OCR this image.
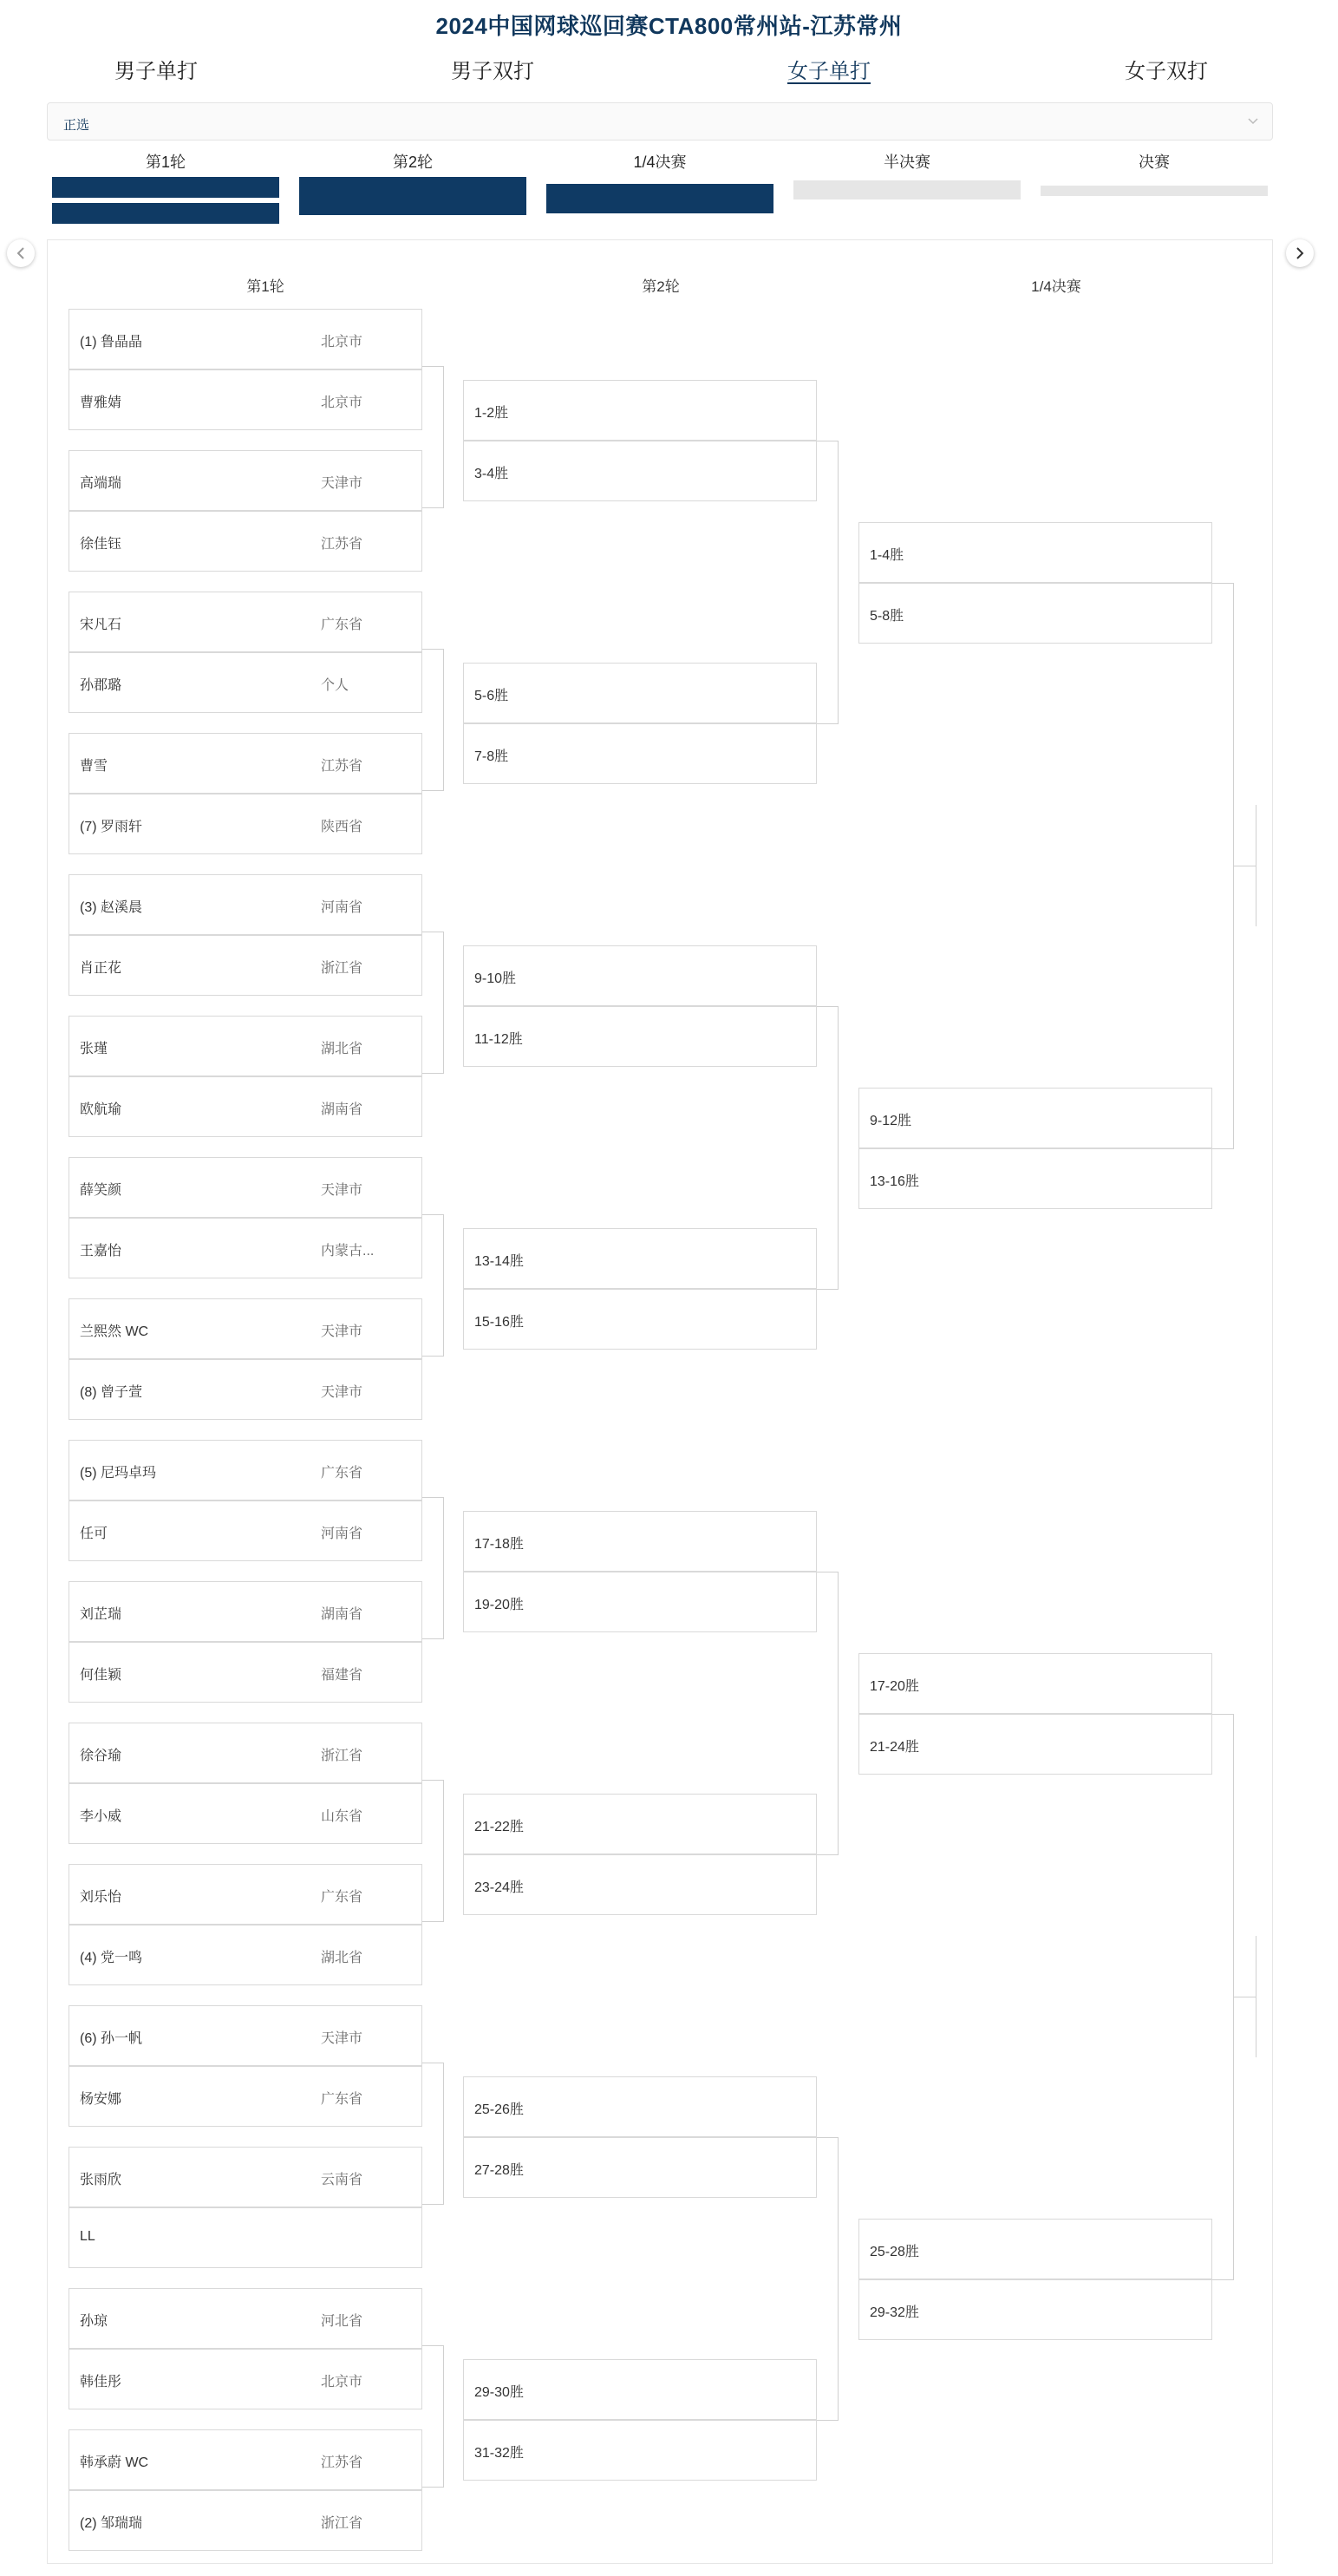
2024中国网球巡回赛CTA800常州站-江苏常州
男子单打	男子双打	女子单打	女子双打
正选
第1轮	第2轮	1/4决赛	半决赛	决赛
第1轮	第2轮	1/4决赛
(1) 鲁晶晶	北京市
曹雅婧	北京市
高端瑞	天津市
徐佳钰	江苏省
宋凡石	广东省
孙郡璐	个人
曹雪	江苏省
(7) 罗雨轩	陕西省
(3) 赵溪晨	河南省
肖正花	浙江省
张瑾	湖北省
欧航瑜	湖南省
薛笑颜	天津市
王嘉怡	内蒙古...
兰熙然 WC	天津市
(8) 曾子萱	天津市
(5) 尼玛卓玛	广东省
任可	河南省
刘芷瑞	湖南省
何佳颖	福建省
徐谷瑜	浙江省
李小威	山东省
刘乐怡	广东省
(4) 党一鸣	湖北省
(6) 孙一帆	天津市
杨安娜	广东省
张雨欣	云南省
LL
孙琼	河北省
韩佳彤	北京市
韩承蔚 WC	江苏省
(2) 邹瑞瑞	浙江省
1-2胜
3-4胜
5-6胜
7-8胜
9-10胜
11-12胜
13-14胜
15-16胜
17-18胜
19-20胜
21-22胜
23-24胜
25-26胜
27-28胜
29-30胜
31-32胜
1-4胜
5-8胜
9-12胜
13-16胜
17-20胜
21-24胜
25-28胜
29-32胜
